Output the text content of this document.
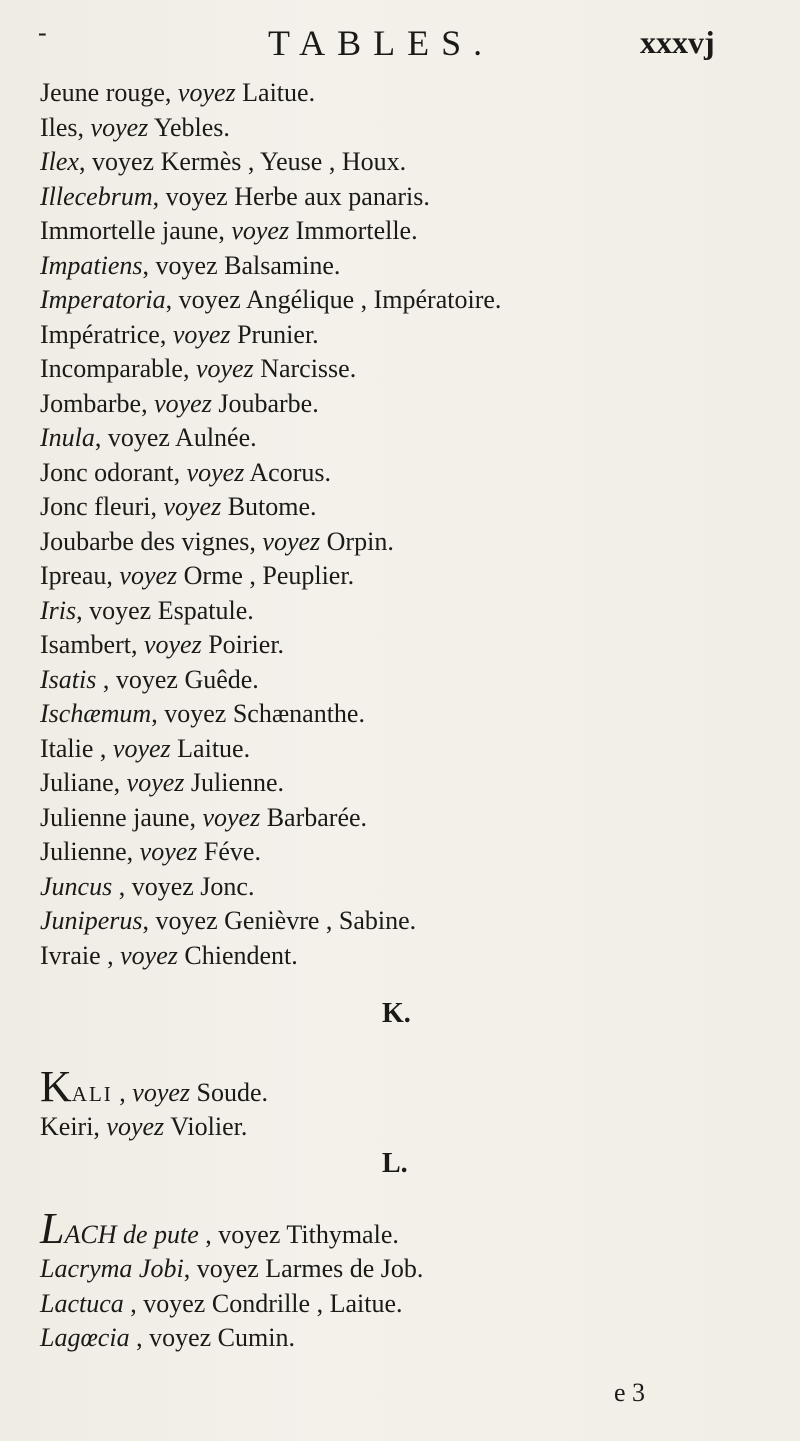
-	TABLES.	xxxvj
Jeune rouge, voyez Laitue.
Iles, voyez Yebles.
Ilex, voyez Kermès , Yeuse , Houx.
Illecebrum, voyez Herbe aux panaris.
Immortelle jaune, voyez Immortelle.
Impatiens, voyez Balsamine.
Imperatoria, voyez Angélique , Impératoire.
Impératrice, voyez Prunier.
Incomparable, voyez Narcisse.
Jombarbe, voyez Joubarbe.
Inula, voyez Aulnée.
Jonc odorant, voyez Acorus.
Jonc fleuri, voyez Butome.
Joubarbe des vignes, voyez Orpin.
Ipreau, voyez Orme , Peuplier.
Iris, voyez Espatule.
Isambert, voyez Poirier.
Isatis , voyez Guêde.
Ischæmum, voyez Schænanthe.
Italie , voyez Laitue.
Juliane, voyez Julienne.
Julienne jaune, voyez Barbarée.
Julienne, voyez Féve.
Juncus , voyez Jonc.
Juniperus, voyez Genièvre , Sabine.
Ivraie , voyez Chiendent.
K.
KALI , voyez Soude.
Keiri, voyez Violier.
L.
LACH de pute , voyez Tithymale.
Lacryma Jobi, voyez Larmes de Job.
Lactuca , voyez Condrille , Laitue.
Lagœcia , voyez Cumin.
e 3
